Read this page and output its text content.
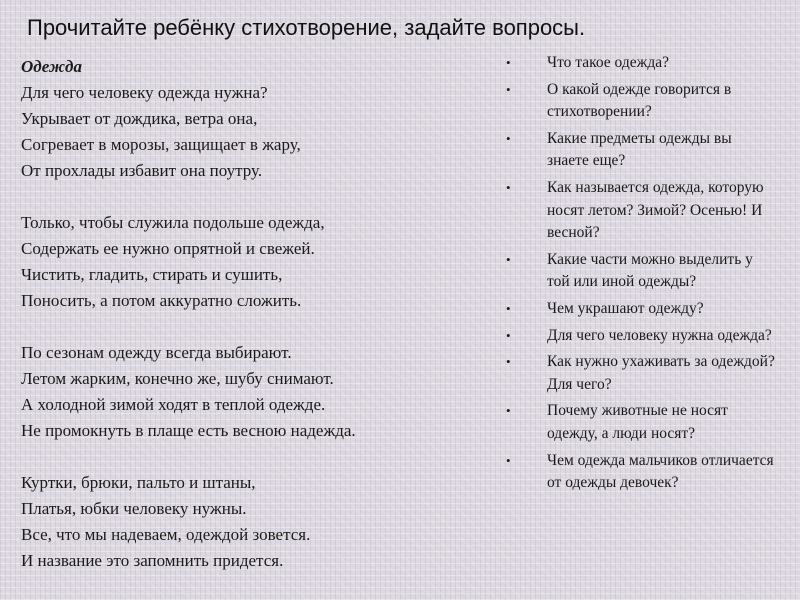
Прочитайте ребёнку стихотворение, задайте вопросы.
Одежда
Для чего человеку одежда нужна?
Укрывает от дождика, ветра она,
Согревает в морозы, защищает в жару,
От прохлады избавит она поутру.
Только, чтобы служила подольше одежда,
Содержать ее нужно опрятной и свежей.
Чистить, гладить, стирать и сушить,
Поносить, а потом аккуратно сложить.
По сезонам одежду всегда выбирают.
Летом жарким, конечно же, шубу снимают.
А холодной зимой ходят в теплой одежде.
Не промокнуть в плаще есть весною надежда.
Куртки, брюки, пальто и штаны,
Платья, юбки человеку нужны.
Все, что мы надеваем, одеждой зовется.
И название это запомнить придется.
• Что такое одежда?
• О какой одежде говорится в стихотворении?
• Какие предметы одежды вы знаете еще?
• Как называется одежда, которую носят летом? Зимой? Осенью! И весной?
• Какие части можно выделить у той или иной одежды?
• Чем украшают одежду?
• Для чего человеку нужна одежда?
• Как нужно ухаживать за одеждой? Для чего?
• Почему животные не носят одежду, а люди носят?
• Чем одежда мальчиков отличается от одежды девочек?
